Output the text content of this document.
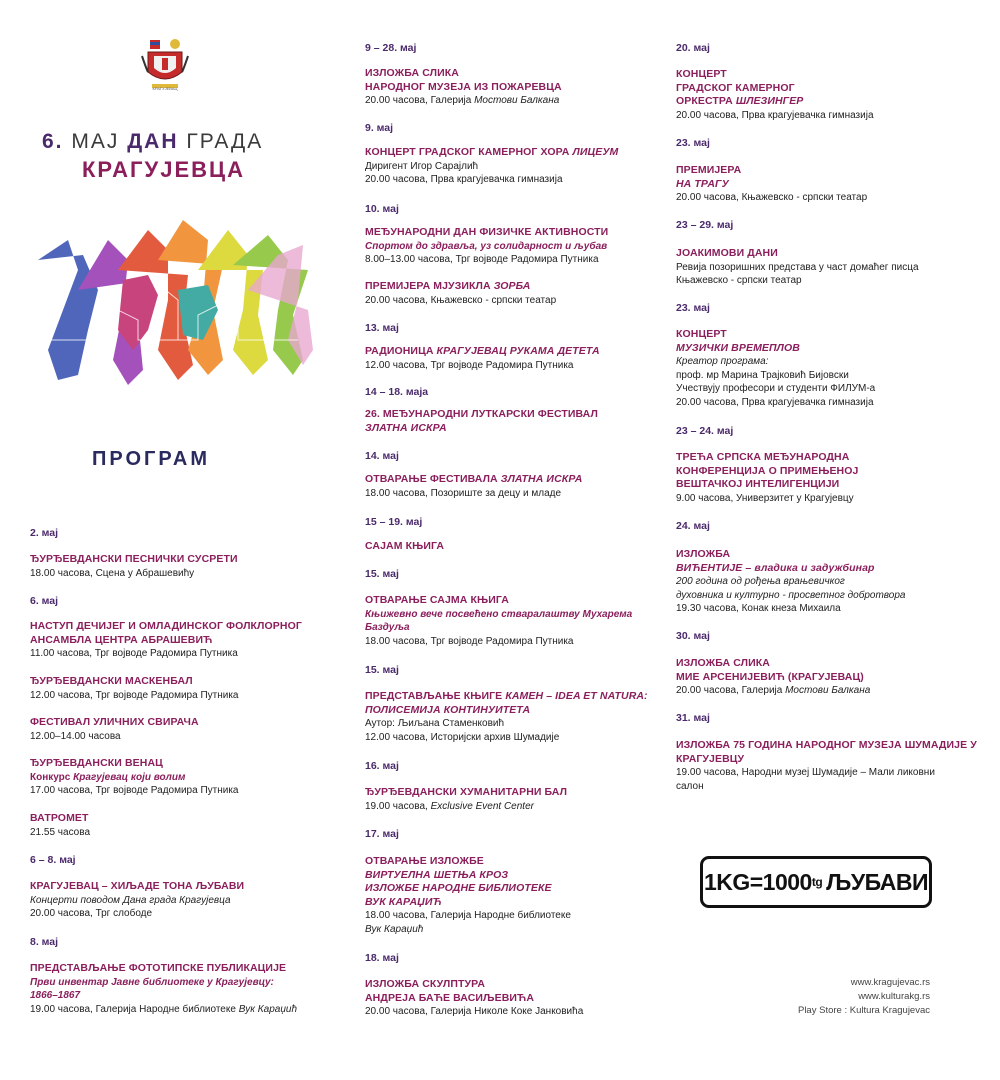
КРАГУЈЕВАЦ
6. МАЈ ДАН ГРАДА
КРАГУЈЕВЦА
ПРОГРАМ
2. мај
ЂУРЂЕВДАНСКИ ПЕСНИЧКИ СУСРЕТИ
18.00 часова, Сцена у Абрашевићу
6. мај
НАСТУП ДЕЧИЈЕГ И ОМЛАДИНСКОГ ФОЛКЛОРНОГ
АНСАМБЛА ЦЕНТРА АБРАШЕВИЋ
11.00 часова, Трг војводе Радомира Путника
ЂУРЂЕВДАНСКИ МАСКЕНБАЛ
12.00 часова, Трг војводе Радомира Путника
ФЕСТИВАЛ УЛИЧНИХ СВИРАЧА
12.00–14.00 часова
ЂУРЂЕВДАНСКИ ВЕНАЦ
Конкурс Крагујевац који волим
17.00 часова, Трг војводе Радомира Путника
ВАТРОМЕТ
21.55 часова
6 – 8. мај
КРАГУЈЕВАЦ – ХИЉАДЕ ТОНА ЉУБАВИ
Концерти поводом Дана града Крагујевца
20.00 часова, Трг слободе
8. мај
ПРЕДСТАВЉАЊЕ ФОТОТИПСКЕ ПУБЛИКАЦИЈЕ
Први инвентар Јавне библиотеке у Крагујевцу:
1866–1867
19.00 часова, Галерија Народне библиотеке Вук Караџић
9 – 28. мај
ИЗЛОЖБА СЛИКА
НАРОДНОГ МУЗЕЈА ИЗ ПОЖАРЕВЦА
20.00 часова, Галерија Мостови Балкана
9. мај
КОНЦЕРТ ГРАДСКОГ КАМЕРНОГ ХОРА ЛИЦЕУМ
Диригент Игор Сарајлић
20.00 часова, Прва крагујевачка гимназија
10. мај
МЕЂУНАРОДНИ ДАН ФИЗИЧКЕ АКТИВНОСТИ
Спортом до здравља, уз солидарност и љубав
8.00–13.00 часова, Трг војводе Радомира Путника
ПРЕМИЈЕРА МЈУЗИКЛА ЗОРБА
20.00 часова, Књажевско - српски театар
13. мај
РАДИОНИЦА КРАГУЈЕВАЦ РУКАМА ДЕТЕТА
12.00 часова, Трг војводе Радомира Путника
14 – 18. маја
26. МЕЂУНАРОДНИ ЛУТКАРСКИ ФЕСТИВАЛ
ЗЛАТНА ИСКРА
14. мај
ОТВАРАЊЕ ФЕСТИВАЛА ЗЛАТНА ИСКРА
18.00 часова, Позориште за децу и младе
15 – 19. мај
САЈАМ КЊИГА
15. мај
ОТВАРАЊЕ САЈМА КЊИГА
Књижевно вече посвећено стваралаштву Мухарема
Баздуља
18.00 часова, Трг војводе Радомира Путника
15. мај
ПРЕДСТАВЉАЊЕ КЊИГЕ КАМЕН – IDEA ET NATURA:
ПОЛИСЕМИЈА КОНТИНУИТЕТА
Аутор: Љиљана Стаменковић
12.00 часова, Историјски архив Шумадије
16. мај
ЂУРЂЕВДАНСКИ ХУМАНИТАРНИ БАЛ
19.00 часова, Exclusive Event Center
17. мај
ОТВАРАЊЕ ИЗЛОЖБЕ
ВИРТУЕЛНА ШЕТЊА КРОЗ
ИЗЛОЖБЕ НАРОДНЕ БИБЛИОТЕКЕ
ВУК КАРАЏИЋ
18.00 часова, Галерија Народне библиотеке
Вук Караџић
18. мај
ИЗЛОЖБА СКУЛПТУРА
АНДРЕЈА БАЋЕ ВАСИЉЕВИЋА
20.00 часова, Галерија Николе Коке Јанковића
20. мај
КОНЦЕРТ
ГРАДСКОГ КАМЕРНОГ
ОРКЕСТРА ШЛЕЗИНГЕР
20.00 часова, Прва крагујевачка гимназија
23. мај
ПРЕМИЈЕРА
НА ТРАГУ
20.00 часова, Књажевско - српски театар
23 – 29. мај
ЈОАКИМОВИ ДАНИ
Ревија позоришних представа у част домаћег писца
Књажевско - српски театар
23. мај
КОНЦЕРТ
МУЗИЧКИ ВРЕМЕПЛОВ
Креатор програма:
проф. мр Марина Трајковић Бијовски
Учествују професори и студенти ФИЛУМ-а
20.00 часова, Прва крагујевачка гимназија
23 – 24. мај
ТРЕЋА СРПСКА МЕЂУНАРОДНА
КОНФЕРЕНЦИЈА О ПРИМЕЊЕНОЈ
ВЕШТАЧКОЈ ИНТЕЛИГЕНЦИЈИ
9.00 часова, Универзитет у Крагујевцу
24. мај
ИЗЛОЖБА
ВИЋЕНТИЈЕ – владика и задужбинар
200 година од рођења врањевичког
духовника и културно - просветног добротвора
19.30 часова, Конак кнеза Михаила
30. мај
ИЗЛОЖБА СЛИКА
МИЕ АРСЕНИЈЕВИЋ (КРАГУЈЕВАЦ)
20.00 часова, Галерија Мостови Балкана
31. мај
ИЗЛОЖБА 75 ГОДИНА НАРОДНОГ МУЗЕЈА ШУМАДИЈЕ У
КРАГУЈЕВЦУ
19.00 часова, Народни музеј Шумадије – Мали ликовни
салон
1KG=1000 t g ЉУБАВИ
www.kragujevac.rs
www.kulturakg.rs
Play Store : Kultura Kragujevac
